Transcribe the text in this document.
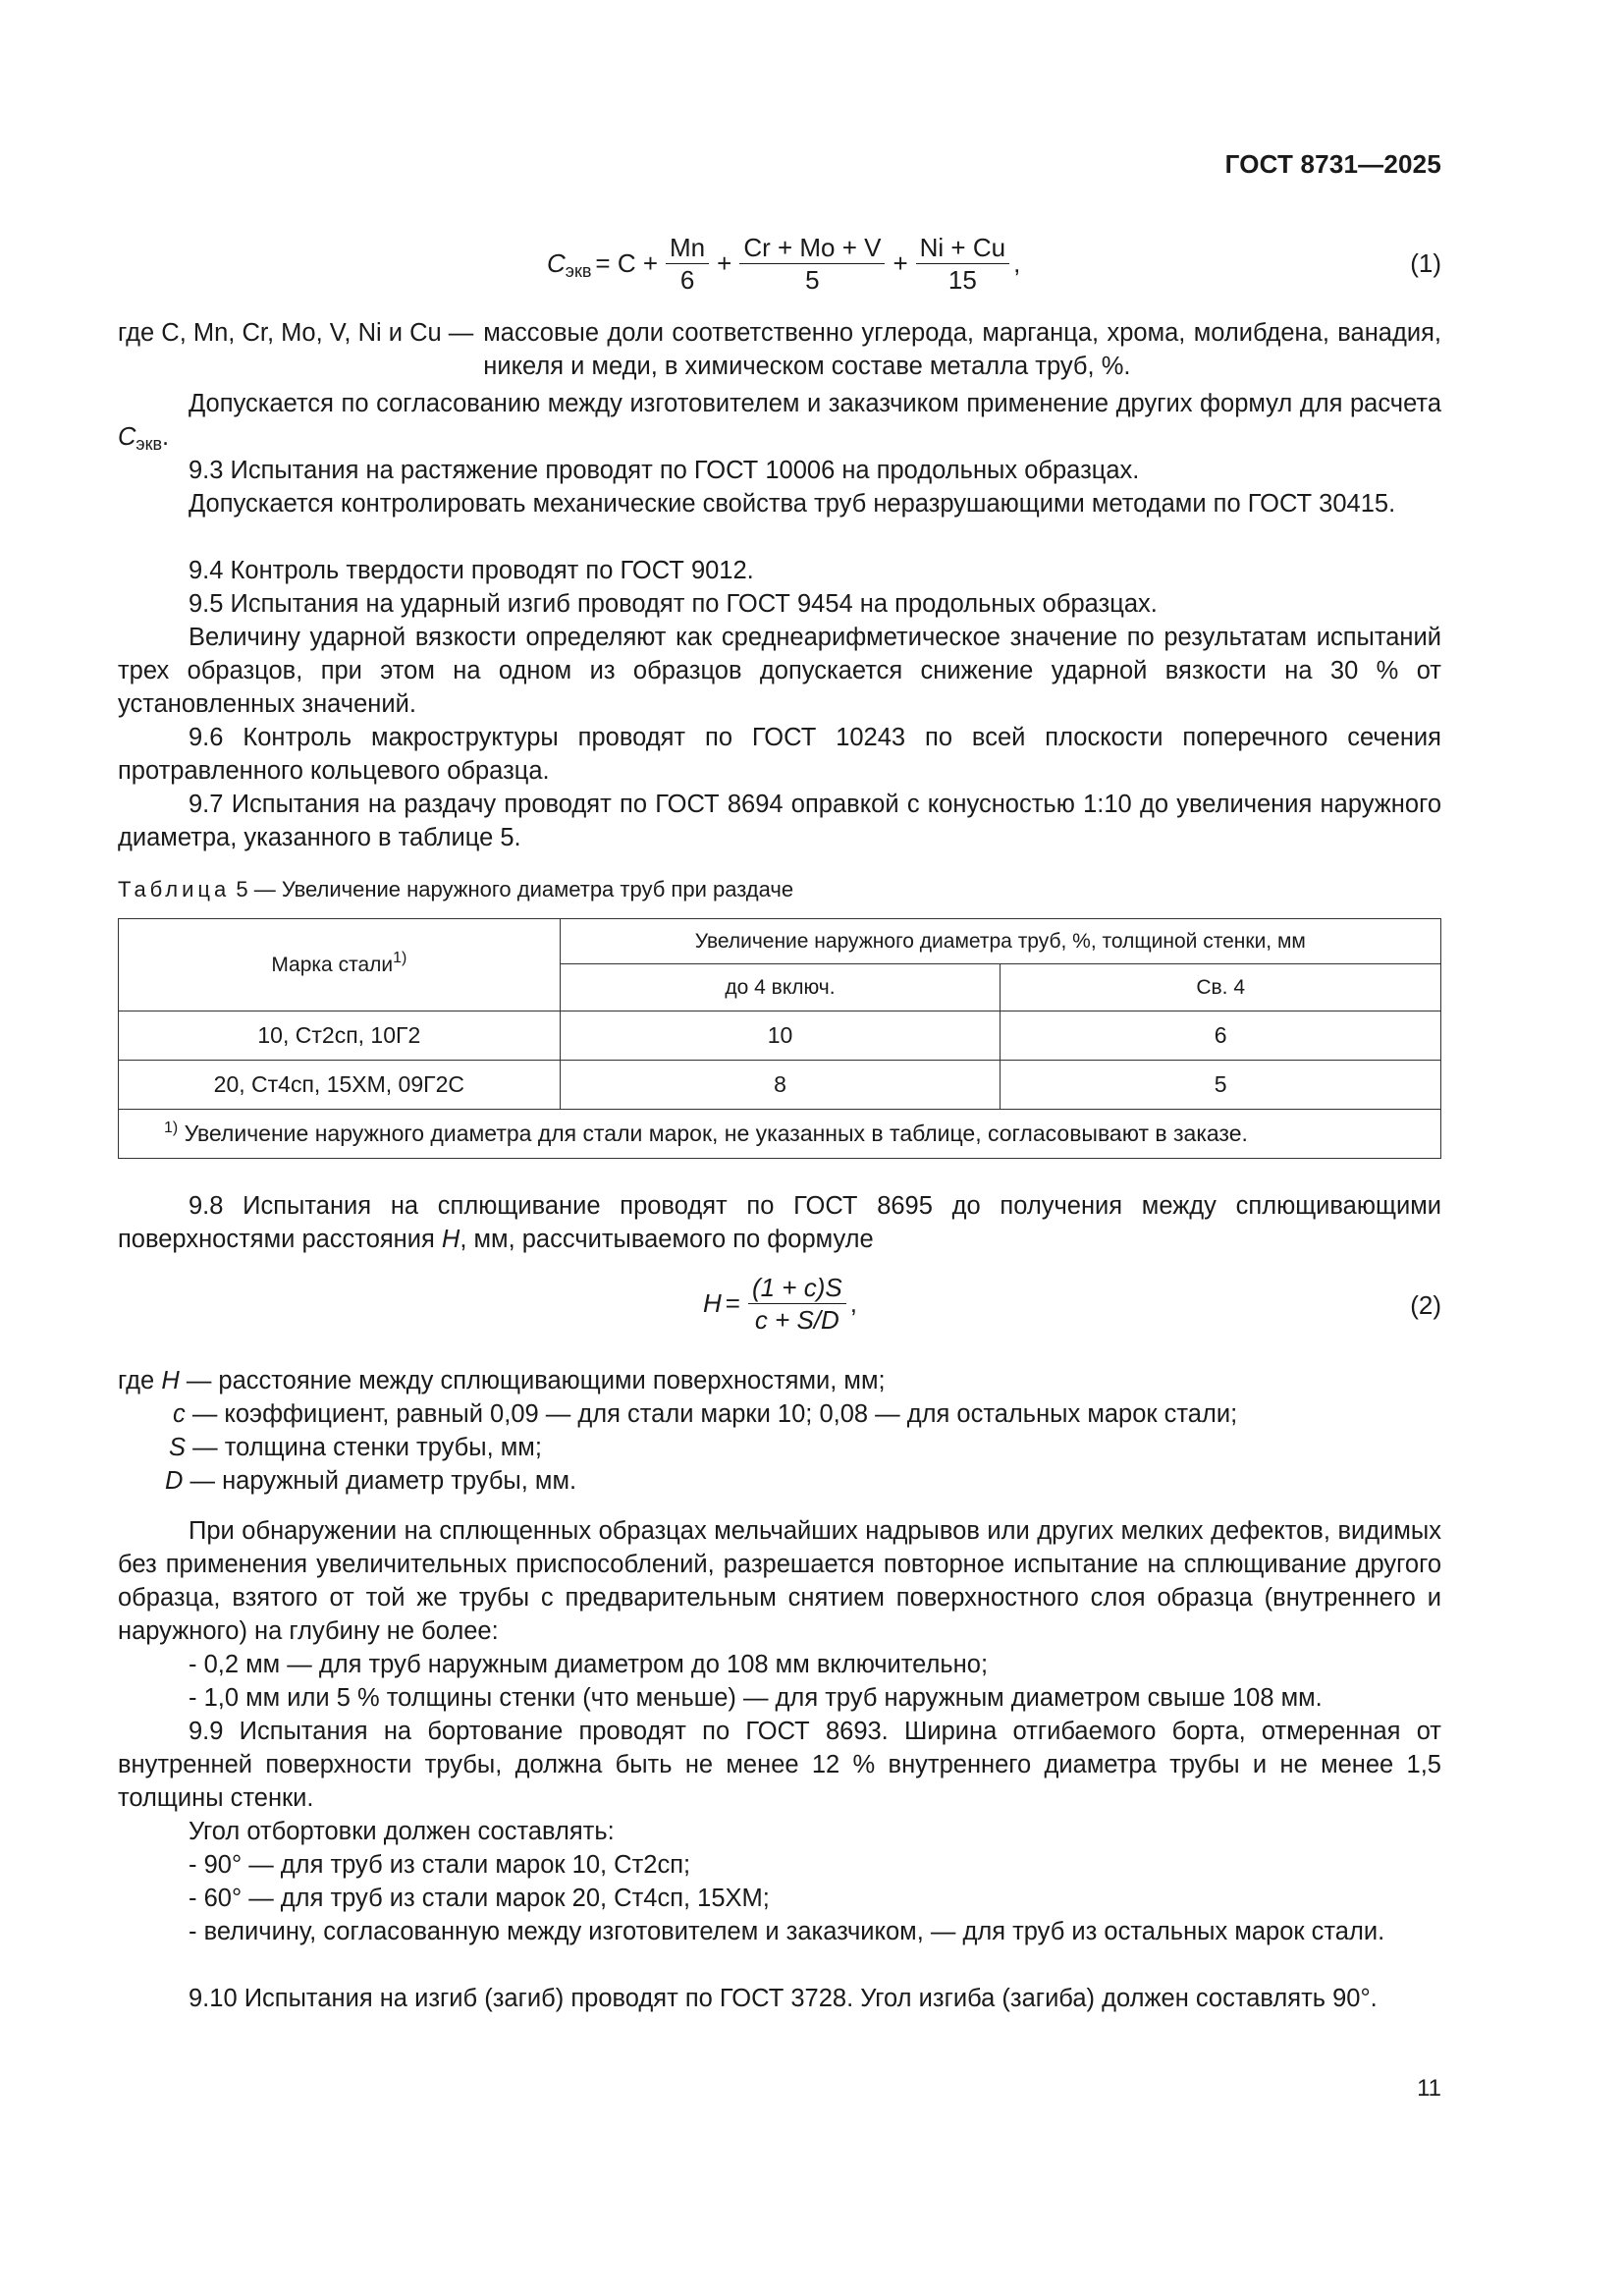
ГОСТ 8731—2025
$C_{экв} = C + \frac{Mn}{6} + \frac{Cr + Mo + V}{5} + \frac{Ni + Cu}{15}$ ,	(1)

где C, Mn, Cr, Mo, V, Ni и Cu — массовые доли соответственно углерода, марганца, хрома, молибдена, ванадия, никеля и меди, в химическом составе металла труб, %.

Допускается по согласованию между изготовителем и заказчиком применение других формул для расчета $C_{экв}$.

9.3 Испытания на растяжение проводят по ГОСТ 10006 на продольных образцах.

Допускается контролировать механические свойства труб неразрушающими методами по ГОСТ 30415.

9.4 Контроль твердости проводят по ГОСТ 9012.

9.5 Испытания на ударный изгиб проводят по ГОСТ 9454 на продольных образцах.

Величину ударной вязкости определяют как среднеарифметическое значение по результатам испытаний трех образцов, при этом на одном из образцов допускается снижение ударной вязкости на 30 % от установленных значений.

9.6 Контроль макроструктуры проводят по ГОСТ 10243 по всей плоскости поперечного сечения протравленного кольцевого образца.

9.7 Испытания на раздачу проводят по ГОСТ 8694 оправкой с конусностью 1:10 до увеличения наружного диаметра, указанного в таблице 5.

Таблица 5 — Увеличение наружного диаметра труб при раздаче
Марка стали$^{1)}$	Увеличение наружного диаметра труб, %, толщиной стенки, мм	
	до 4 включ.	Св. 4
10, Ст2сп, 10Г2	10	6
20, Ст4сп, 15ХМ, 09Г2С	8	5
$^{1)}$ Увеличение наружного диаметра для стали марок, не указанных в таблице, согласовывают в заказе.		

9.8 Испытания на сплющивание проводят по ГОСТ 8695 до получения между сплющивающими поверхностями расстояния H, мм, рассчитываемого по формуле

$H = \frac{(1 + c)S}{c + S/D}$ ,	(2)

где H — расстояние между сплющивающими поверхностями, мм;

c — коэффициент, равный 0,09 — для стали марки 10; 0,08 — для остальных марок стали;

S — толщина стенки трубы, мм;

D — наружный диаметр трубы, мм.

При обнаружении на сплющенных образцах мельчайших надрывов или других мелких дефектов, видимых без применения увеличительных приспособлений, разрешается повторное испытание на сплющивание другого образца, взятого от той же трубы с предварительным снятием поверхностного слоя образца (внутреннего и наружного) на глубину не более:

- 0,2 мм — для труб наружным диаметром до 108 мм включительно;

- 1,0 мм или 5 % толщины стенки (что меньше) — для труб наружным диаметром свыше 108 мм.

9.9 Испытания на бортование проводят по ГОСТ 8693. Ширина отгибаемого борта, отмеренная от внутренней поверхности трубы, должна быть не менее 12 % внутреннего диаметра трубы и не менее 1,5 толщины стенки.

Угол отбортовки должен составлять:

- 90° — для труб из стали марок 10, Ст2сп;

- 60° — для труб из стали марок 20, Ст4сп, 15ХМ;

- величину, согласованную между изготовителем и заказчиком, — для труб из остальных марок стали.

9.10 Испытания на изгиб (загиб) проводят по ГОСТ 3728. Угол изгиба (загиба) должен составлять 90°.

11
